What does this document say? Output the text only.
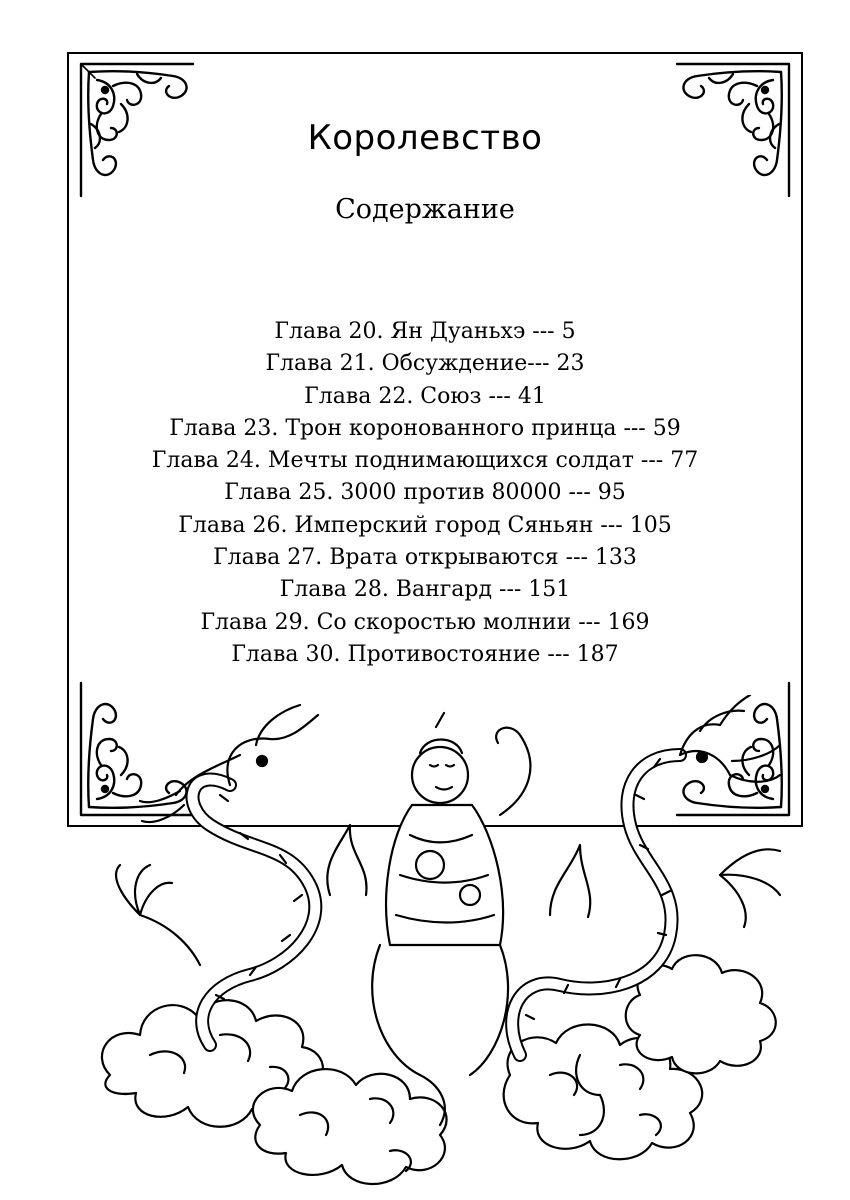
Королевство
Содержание
Глава 20. Ян Дуаньхэ --- 5
Глава 21. Обсуждение--- 23
Глава 22. Союз --- 41
Глава 23. Трон коронованного принца --- 59
Глава 24. Мечты поднимающихся солдат --- 77
Глава 25. 3000 против 80000 --- 95
Глава 26. Имперский город Сяньян --- 105
Глава 27. Врата открываются --- 133
Глава 28. Вангард --- 151
Глава 29. Со скоростью молнии --- 169
Глава 30. Противостояние --- 187
